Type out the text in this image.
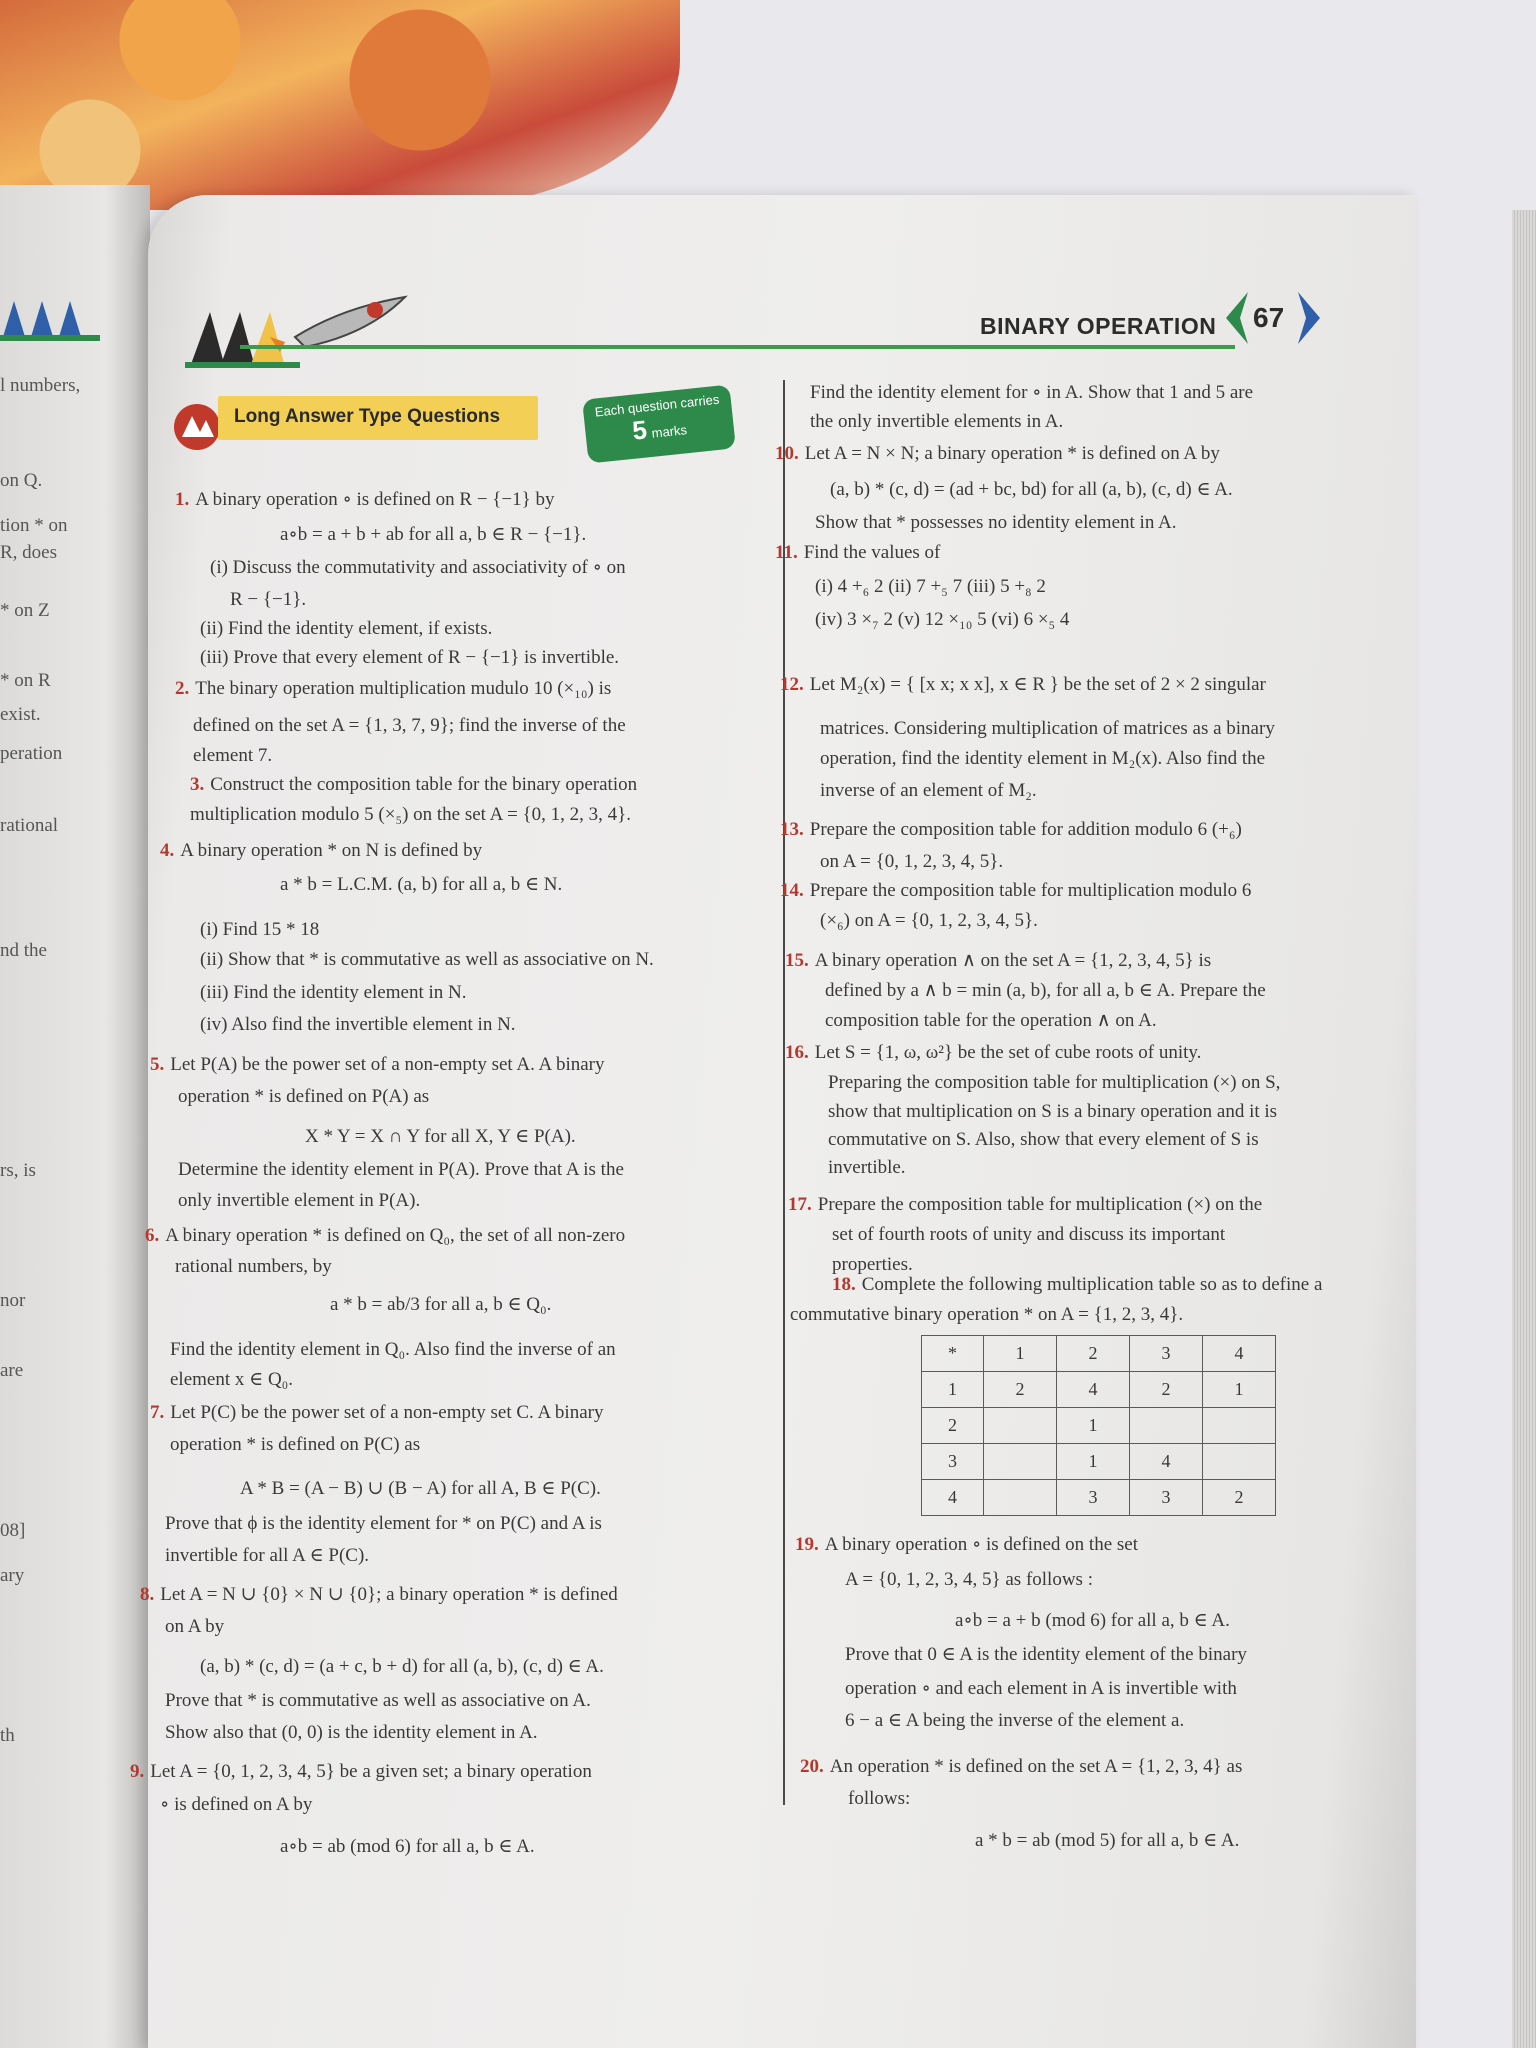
l numbers,
on Q.
tion * on
R, does
* on Z
* on R
exist.
peration
rational
nd the
rs, is
nor
are
08]
ary
th
BINARY OPERATION 67
Long Answer Type Questions	Each question carries
5 marks
1. A binary operation ∘ is defined on R − {−1} by
a∘b = a + b + ab for all a, b ∈ R − {−1}.
(i) Discuss the commutativity and associativity of ∘ on
R − {−1}.
(ii) Find the identity element, if exists.
(iii) Prove that every element of R − {−1} is invertible.
2. The binary operation multiplication mudulo 10 (×₁₀) is
defined on the set A = {1, 3, 7, 9}; find the inverse of the
element 7.
3. Construct the composition table for the binary operation
multiplication modulo 5 (×₅) on the set A = {0, 1, 2, 3, 4}.
4. A binary operation * on N is defined by
a * b = L.C.M. (a, b) for all a, b ∈ N.
(i) Find 15 * 18
(ii) Show that * is commutative as well as associative on N.
(iii) Find the identity element in N.
(iv) Also find the invertible element in N.
5. Let P(A) be the power set of a non-empty set A. A binary
operation * is defined on P(A) as
X * Y = X ∩ Y for all X, Y ∈ P(A).
Determine the identity element in P(A). Prove that A is the
only invertible element in P(A).
6. A binary operation * is defined on Q₀, the set of all non-zero
rational numbers, by
a * b = ab/3 for all a, b ∈ Q₀.
Find the identity element in Q₀. Also find the inverse of an
element x ∈ Q₀.
7. Let P(C) be the power set of a non-empty set C. A binary
operation * is defined on P(C) as
A * B = (A − B) ∪ (B − A) for all A, B ∈ P(C).
Prove that ϕ is the identity element for * on P(C) and A is
invertible for all A ∈ P(C).
8. Let A = N ∪ {0} × N ∪ {0}; a binary operation * is defined
on A by
(a, b) * (c, d) = (a + c, b + d) for all (a, b), (c, d) ∈ A.
Prove that * is commutative as well as associative on A.
Show also that (0, 0) is the identity element in A.
9. Let A = {0, 1, 2, 3, 4, 5} be a given set; a binary operation
∘ is defined on A by
a∘b = ab (mod 6) for all a, b ∈ A.
Find the identity element for ∘ in A. Show that 1 and 5 are
the only invertible elements in A.
10. Let A = N × N; a binary operation * is defined on A by
(a, b) * (c, d) = (ad + bc, bd) for all (a, b), (c, d) ∈ A.
Show that * possesses no identity element in A.
11. Find the values of
(i) 4 +₆ 2 (ii) 7 +₅ 7 (iii) 5 +₈ 2
(iv) 3 ×₇ 2 (v) 12 ×₁₀ 5 (vi) 6 ×₅ 4
12. Let M₂(x) = { [x x; x x], x ∈ R } be the set of 2 × 2 singular
matrices. Considering multiplication of matrices as a binary
operation, find the identity element in M₂(x). Also find the
inverse of an element of M₂.
13. Prepare the composition table for addition modulo 6 (+₆)
on A = {0, 1, 2, 3, 4, 5}.
14. Prepare the composition table for multiplication modulo 6
(×₆) on A = {0, 1, 2, 3, 4, 5}.
15. A binary operation ∧ on the set A = {1, 2, 3, 4, 5} is
defined by a ∧ b = min (a, b), for all a, b ∈ A. Prepare the
composition table for the operation ∧ on A.
16. Let S = {1, ω, ω²} be the set of cube roots of unity.
Preparing the composition table for multiplication (×) on S,
show that multiplication on S is a binary operation and it is
commutative on S. Also, show that every element of S is
invertible.
17. Prepare the composition table for multiplication (×) on the
set of fourth roots of unity and discuss its important
properties.
18. Complete the following multiplication table so as to define a
commutative binary operation * on A = {1, 2, 3, 4}.
19. A binary operation ∘ is defined on the set
A = {0, 1, 2, 3, 4, 5} as follows :
a∘b = a + b (mod 6) for all a, b ∈ A.
Prove that 0 ∈ A is the identity element of the binary
operation ∘ and each element in A is invertible with
6 − a ∈ A being the inverse of the element a.
20. An operation * is defined on the set A = {1, 2, 3, 4} as
follows:
a * b = ab (mod 5) for all a, b ∈ A.
*	1	2	3	4
1	2	4	2	1
2		1		
3		1	4	
4		3	3	2
